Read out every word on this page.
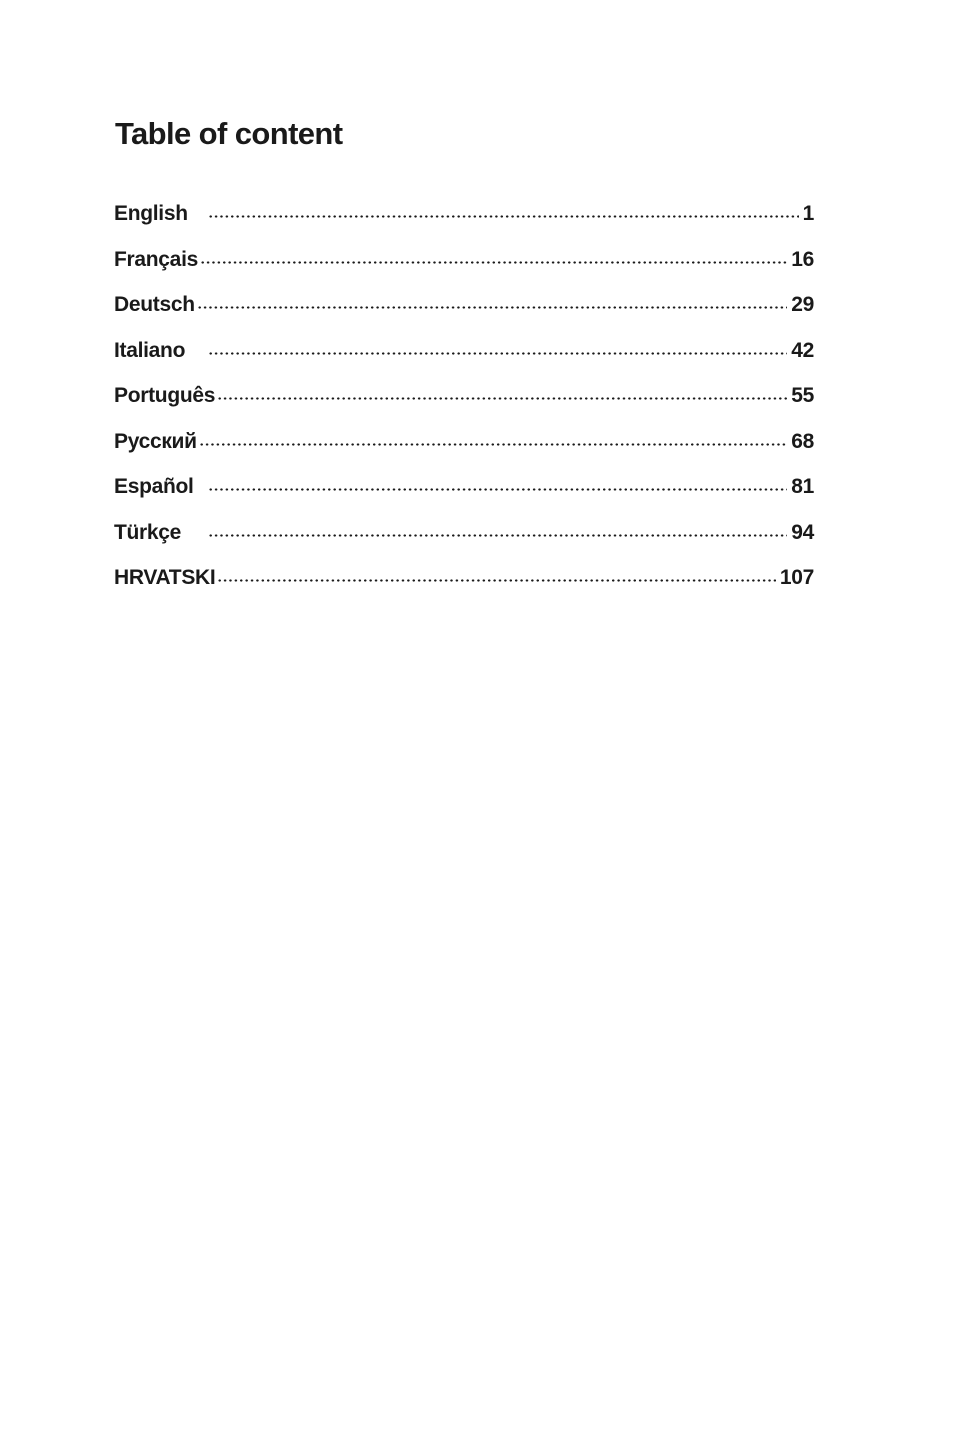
Table of content
English	1
Français	16
Deutsch	29
Italiano	42
Português	55
Русский	68
Español	81
Türkçe	94
HRVATSKI	107
